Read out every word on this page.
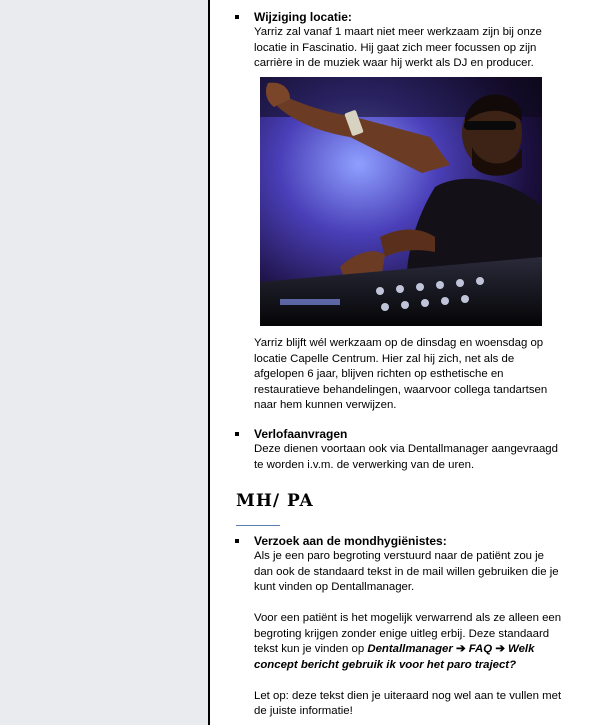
Wijziging locatie:
Yarriz zal vanaf 1 maart niet meer werkzaam zijn bij onze
locatie in Fascinatio. Hij gaat zich meer focussen op zijn
carrière in de muziek waar hij werkt als DJ en producer.
Yarriz blijft wél werkzaam op de dinsdag en woensdag op
locatie Capelle Centrum. Hier zal hij zich, net als de
afgelopen 6 jaar, blijven richten op esthetische en
restauratieve behandelingen, waarvoor collega tandartsen
naar hem kunnen verwijzen.
Verlofaanvragen
Deze dienen voortaan ook via Dentallmanager aangevraagd
te worden i.v.m. de verwerking van de uren.
MH/ PA
Verzoek aan de mondhygiënistes:
Als je een paro begroting verstuurd naar de patiënt zou je
dan ook de standaard tekst in de mail willen gebruiken die je
kunt vinden op Dentallmanager.
Voor een patiënt is het mogelijk verwarrend als ze alleen een
begroting krijgen zonder enige uitleg erbij. Deze standaard
tekst kun je vinden op Dentallmanager ➔ FAQ ➔ Welk
concept bericht gebruik ik voor het paro traject?
Let op: deze tekst dien je uiteraard nog wel aan te vullen met
de juiste informatie!
